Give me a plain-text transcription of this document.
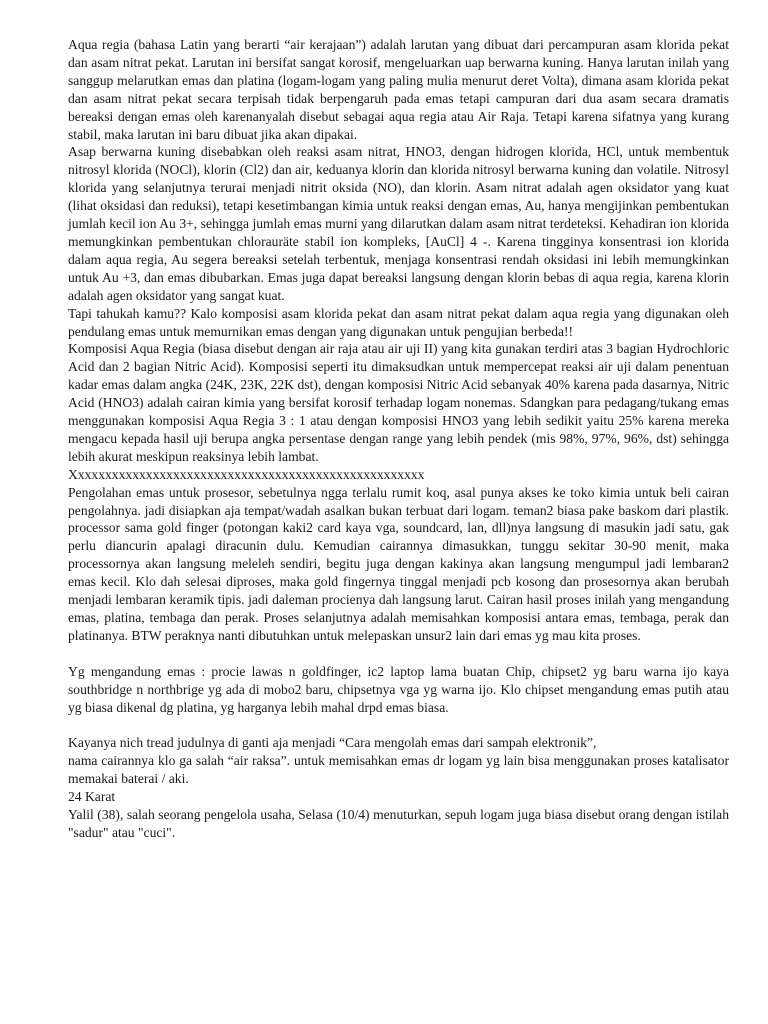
Aqua regia (bahasa Latin yang berarti “air kerajaan”) adalah larutan yang dibuat dari percampuran asam klorida pekat dan asam nitrat pekat. Larutan ini bersifat sangat korosif, mengeluarkan uap berwarna kuning. Hanya larutan inilah yang sanggup melarutkan emas dan platina (logam-logam yang paling mulia menurut deret Volta), dimana asam klorida pekat dan asam nitrat pekat secara terpisah tidak berpengaruh pada emas tetapi campuran dari dua asam secara dramatis bereaksi dengan emas oleh karenanyalah disebut sebagai aqua regia atau Air Raja. Tetapi karena sifatnya yang kurang stabil, maka larutan ini baru dibuat jika akan dipakai.

Asap berwarna kuning disebabkan oleh reaksi asam nitrat, HNO3, dengan hidrogen klorida, HCl, untuk membentuk nitrosyl klorida (NOCl), klorin (Cl2) dan air, keduanya klorin dan klorida nitrosyl berwarna kuning dan volatile. Nitrosyl klorida yang selanjutnya terurai menjadi nitrit oksida (NO), dan klorin. Asam nitrat adalah agen oksidator yang kuat (lihat oksidasi dan reduksi), tetapi kesetimbangan kimia untuk reaksi dengan emas, Au, hanya mengijinkan pembentukan jumlah kecil ion Au 3+, sehingga jumlah emas murni yang dilarutkan dalam asam nitrat terdeteksi. Kehadiran ion klorida memungkinkan pembentukan chlorauräte stabil ion kompleks, [AuCl] 4 -. Karena tingginya konsentrasi ion klorida dalam aqua regia, Au segera bereaksi setelah terbentuk, menjaga konsentrasi rendah oksidasi ini lebih memungkinkan untuk Au +3, dan emas dibubarkan. Emas juga dapat bereaksi langsung dengan klorin bebas di aqua regia, karena klorin adalah agen oksidator yang sangat kuat.

Tapi tahukah kamu?? Kalo komposisi asam klorida pekat dan asam nitrat pekat dalam aqua regia yang digunakan oleh pendulang emas untuk memurnikan emas dengan yang digunakan untuk pengujian berbeda!!

Komposisi Aqua Regia (biasa disebut dengan air raja atau air uji II) yang kita gunakan terdiri atas 3 bagian Hydrochloric Acid dan 2 bagian Nitric Acid). Komposisi seperti itu dimaksudkan untuk mempercepat reaksi air uji dalam penentuan kadar emas dalam angka (24K, 23K, 22K dst), dengan komposisi Nitric Acid sebanyak 40% karena pada dasarnya, Nitric Acid (HNO3) adalah cairan kimia yang bersifat korosif terhadap logam nonemas. Sdangkan para pedagang/tukang emas menggunakan komposisi Aqua Regia 3 : 1 atau dengan komposisi HNO3 yang lebih sedikit yaitu 25% karena mereka mengacu kepada hasil uji berupa angka persentase dengan range yang lebih pendek (mis 98%, 97%, 96%, dst) sehingga lebih akurat meskipun reaksinya lebih lambat.

Xxxxxxxxxxxxxxxxxxxxxxxxxxxxxxxxxxxxxxxxxxxxxxxxxxxx

Pengolahan emas untuk prosesor, sebetulnya ngga terlalu rumit koq, asal punya akses ke toko kimia untuk beli cairan pengolahnya. jadi disiapkan aja tempat/wadah asalkan bukan terbuat dari logam. teman2 biasa pake baskom dari plastik. processor sama gold finger (potongan kaki2 card kaya vga, soundcard, lan, dll)nya langsung di masukin jadi satu, gak perlu diancurin apalagi diracunin dulu. Kemudian cairannya dimasukkan, tunggu sekitar 30-90 menit, maka processornya akan langsung meleleh sendiri, begitu juga dengan kakinya akan langsung mengumpul jadi lembaran2 emas kecil. Klo dah selesai diproses, maka gold fingernya tinggal menjadi pcb kosong dan prosesornya akan berubah menjadi lembaran keramik tipis. jadi daleman procienya dah langsung larut. Cairan hasil proses inilah yang mengandung emas, platina, tembaga dan perak. Proses selanjutnya adalah memisahkan komposisi antara emas, tembaga, perak dan platinanya. BTW peraknya nanti dibutuhkan untuk melepaskan unsur2 lain dari emas yg mau kita proses.

Yg mengandung emas : procie lawas n goldfinger, ic2 laptop lama buatan Chip, chipset2 yg baru warna ijo kaya southbridge n northbrige yg ada di mobo2 baru, chipsetnya vga yg warna ijo. Klo chipset mengandung emas putih atau yg biasa dikenal dg platina, yg harganya lebih mahal drpd emas biasa.

Kayanya nich tread judulnya di ganti aja menjadi “Cara mengolah emas dari sampah elektronik”,

nama cairannya klo ga salah “air raksa”. untuk memisahkan emas dr logam yg lain bisa menggunakan proses katalisator memakai baterai / aki.

24 Karat

Yalil (38), salah seorang pengelola usaha, Selasa (10/4) menuturkan, sepuh logam juga biasa disebut orang dengan istilah "sadur" atau "cuci".
